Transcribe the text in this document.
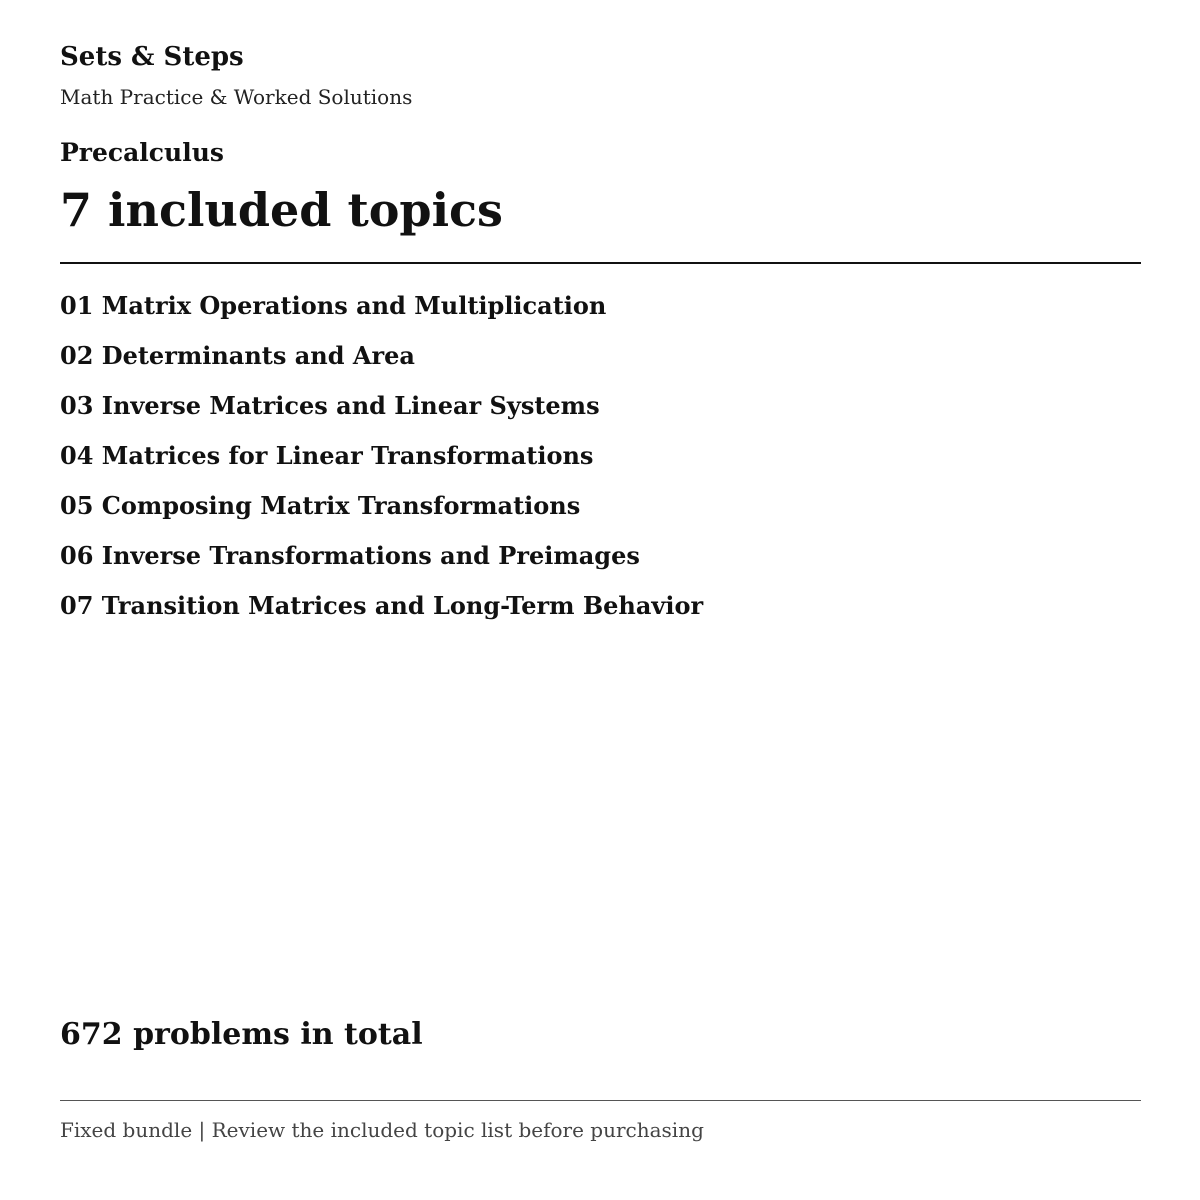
Sets & Steps
Math Practice & Worked Solutions
Precalculus
7 included topics
01 Matrix Operations and Multiplication
02 Determinants and Area
03 Inverse Matrices and Linear Systems
04 Matrices for Linear Transformations
05 Composing Matrix Transformations
06 Inverse Transformations and Preimages
07 Transition Matrices and Long-Term Behavior
672 problems in total
Fixed bundle | Review the included topic list before purchasing
